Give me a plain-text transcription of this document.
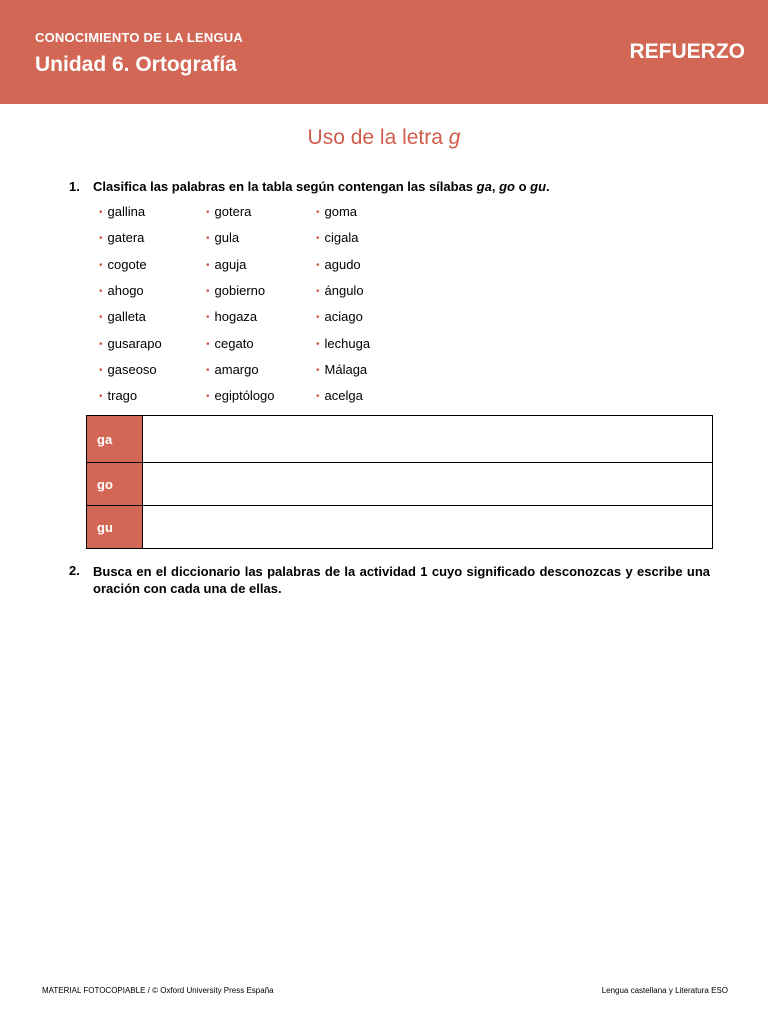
CONOCIMIENTO DE LA LENGUA
Unidad 6. Ortografía
REFUERZO
Uso de la letra g
1. Clasifica las palabras en la tabla según contengan las sílabas ga, go o gu.
• gallina
• gatera
• cogote
• ahogo
• galleta
• gusarapo
• gaseoso
• trago
• gotera
• gula
• aguja
• gobierno
• hogaza
• cegato
• amargo
• egiptólogo
• goma
• cigala
• agudo
• ángulo
• aciago
• lechuga
• Málaga
• acelga
ga	
go	
gu	
2. Busca en el diccionario las palabras de la actividad 1 cuyo significado desconozcas y escribe una oración con cada una de ellas.
MATERIAL FOTOCOPIABLE / © Oxford University Press España	Lengua castellana y Literatura ESO
